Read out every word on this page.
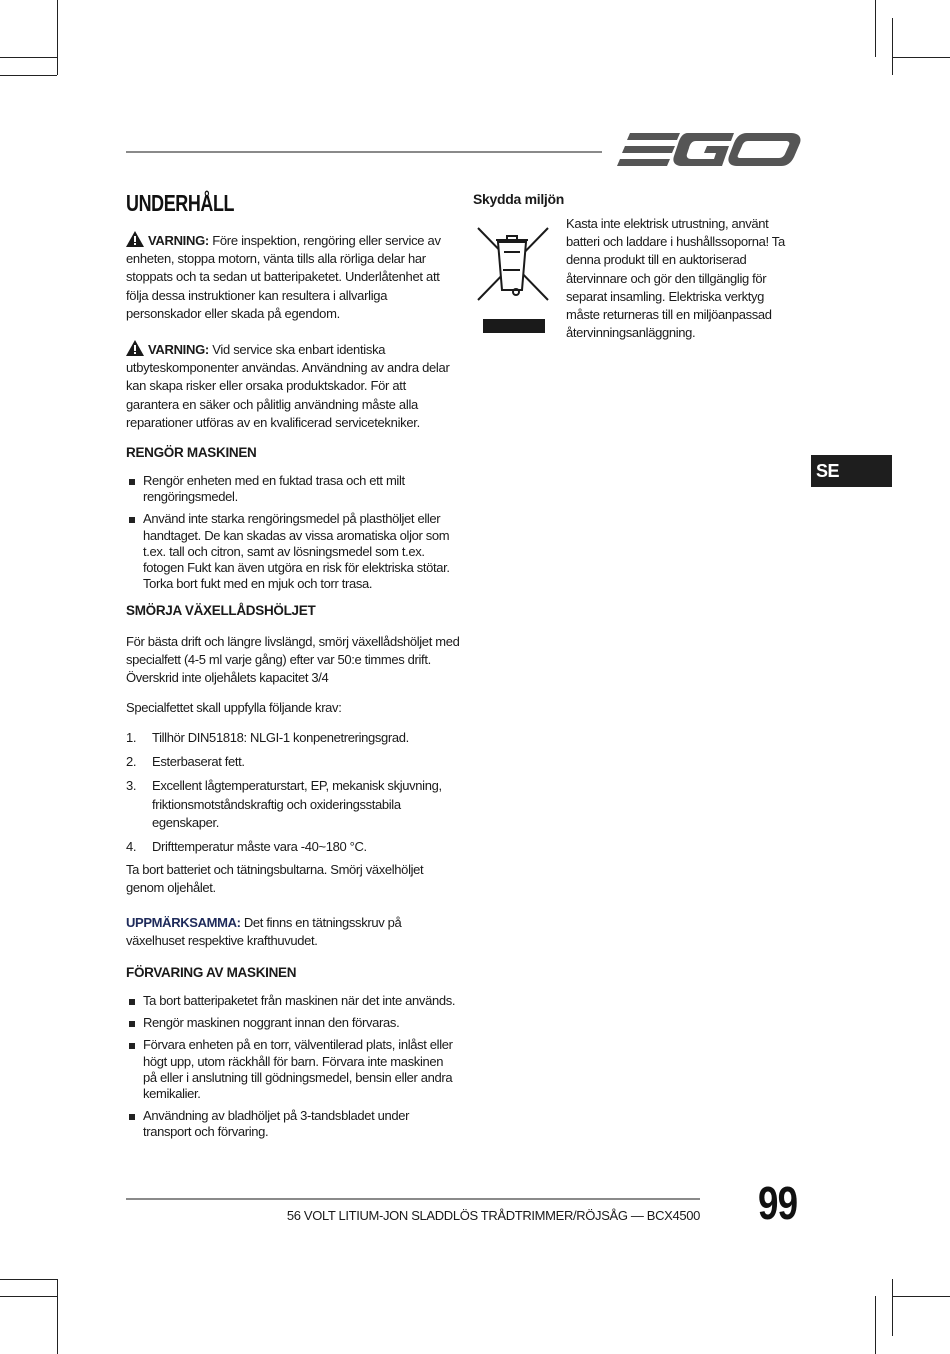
UNDERHÅLL
VARNING: Före inspektion, rengöring eller service av enheten, stoppa motorn, vänta tills alla rörliga delar har stoppats och ta sedan ut batteripaketet. Underlåtenhet att följa dessa instruktioner kan resultera i allvarliga personskador eller skada på egendom.
VARNING: Vid service ska enbart identiska utbyteskomponenter användas. Användning av andra delar kan skapa risker eller orsaka produktskador. För att garantera en säker och pålitlig användning måste alla reparationer utföras av en kvalificerad servicetekniker.
RENGÖR MASKINEN
Rengör enheten med en fuktad trasa och ett milt rengöringsmedel.
Använd inte starka rengöringsmedel på plasthöljet eller handtaget. De kan skadas av vissa aromatiska oljor som t.ex. tall och citron, samt av lösningsmedel som t.ex. fotogen Fukt kan även utgöra en risk för elektriska stötar. Torka bort fukt med en mjuk och torr trasa.
SMÖRJA VÄXELLÅDSHÖLJET
För bästa drift och längre livslängd, smörj växellådshöljet med specialfett (4-5 ml varje gång) efter var 50:e timmes drift. Överskrid inte oljehålets kapacitet 3/4
Specialfettet skall uppfylla följande krav:
1. Tillhör DIN51818: NLGI-1 konpenetreringsgrad.
2. Esterbaserat fett.
3. Excellent lågtemperaturstart, EP, mekanisk skjuvning, friktionsmotståndskraftig och oxideringsstabila egenskaper.
4. Drifttemperatur måste vara -40~180 °C.
Ta bort batteriet och tätningsbultarna. Smörj växelhöljet genom oljehålet.
UPPMÄRKSAMMA: Det finns en tätningsskruv på växelhuset respektive krafthuvudet.
FÖRVARING AV MASKINEN
Ta bort batteripaketet från maskinen när det inte används.
Rengör maskinen noggrant innan den förvaras.
Förvara enheten på en torr, välventilerad plats, inlåst eller högt upp, utom räckhåll för barn. Förvara inte maskinen på eller i anslutning till gödningsmedel, bensin eller andra kemikalier.
Användning av bladhöljet på 3-tandsbladet under transport och förvaring.
Skydda miljön
Kasta inte elektrisk utrustning, använt batteri och laddare i hushållssoporna! Ta denna produkt till en auktoriserad återvinnare och gör den tillgänglig för separat insamling. Elektriska verktyg måste returneras till en miljöanpassad återvinningsanläggning.
SE
56 VOLT LITIUM-JON SLADDLÖS TRÅDTRIMMER/RÖJSÅG — BCX4500 99
